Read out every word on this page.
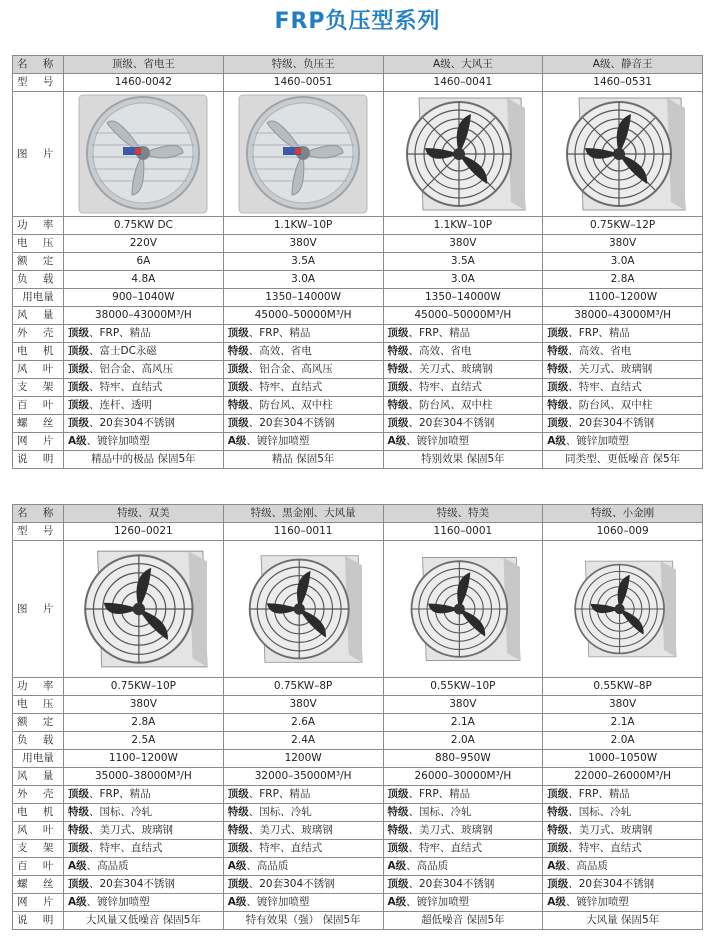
FRP负压型系列
名 称	顶级、省电王	特级、负压王	A级、大风王	A级、静音王
型 号	1460-0042	1460–0051	1460–0041	1460–0531
图 片	

功 率	0.75KW DC	1.1KW–10P	1.1KW–10P	0.75KW–12P
电 压	220V	380V	380V	380V
额 定	6A	3.5A	3.5A	3.0A
负 载	4.8A	3.0A	3.0A	2.8A
用电量	900–1040W	1350–14000W	1350–14000W	1100–1200W
风 量	38000–43000M³/H	45000–50000M³/H	45000–50000M³/H	38000–43000M³/H
外 壳	顶级、FRP、精品	顶级、FRP、精品	顶级、FRP、精品	顶级、FRP、精品
电 机	顶级、富士DC永磁	特级、高效、省电	特级、高效、省电	特级、高效、省电
风 叶	顶级、铝合金、高风压	顶级、铝合金、高风压	特级、关刀式、玻璃钢	特级、关刀式、玻璃钢
支 架	顶级、特牢、直结式	顶级、特牢、直结式	顶级、特牢、直结式	顶级、特牢、直结式
百 叶	顶级、连杆、透明	特级、防台风、双中柱	特级、防台风、双中柱	特级、防台风、双中柱
螺 丝	顶级、20套304不锈钢	顶级、20套304不锈钢	顶级、20套304不锈钢	顶级、20套304不锈钢
网 片	A级、镀锌加喷塑	A级、镀锌加喷塑	A级、镀锌加喷塑	A级、镀锌加喷塑
说 明	精品中的极品 保固5年	精品 保固5年	特别效果 保固5年	同类型、更低噪音 保5年
名 称	特级、双美	特级、黑金刚、大风量	特级、特美	特级、小金刚
型 号	1260–0021	1160–0011	1160–0001	1060–009
图 片	

功 率	0.75KW–10P	0.75KW–8P	0.55KW–10P	0.55KW–8P
电 压	380V	380V	380V	380V
额 定	2.8A	2.6A	2.1A	2.1A
负 载	2.5A	2.4A	2.0A	2.0A
用电量	1100–1200W	1200W	880–950W	1000–1050W
风 量	35000–38000M³/H	32000–35000M³/H	26000–30000M³/H	22000–26000M³/H
外 壳	顶级、FRP、精品	顶级、FRP、精品	顶级、FRP、精品	顶级、FRP、精品
电 机	特级、国标、冷轧	特级、国标、冷轧	特级、国标、冷轧	特级、国标、冷轧
风 叶	特级、美刀式、玻璃钢	特级、美刀式、玻璃钢	特级、美刀式、玻璃钢	特级、美刀式、玻璃钢
支 架	顶级、特牢、直结式	顶级、特牢、直结式	顶级、特牢、直结式	顶级、特牢、直结式
百 叶	A级、高品质	A级、高品质	A级、高品质	A级、高品质
螺 丝	顶级、20套304不锈钢	顶级、20套304不锈钢	顶级、20套304不锈钢	顶级、20套304不锈钢
网 片	A级、镀锌加喷塑	A级、镀锌加喷塑	A级、镀锌加喷塑	A级、镀锌加喷塑
说 明	大风量又低噪音 保固5年	特有效果（强） 保固5年	超低噪音 保固5年	大风量 保固5年
